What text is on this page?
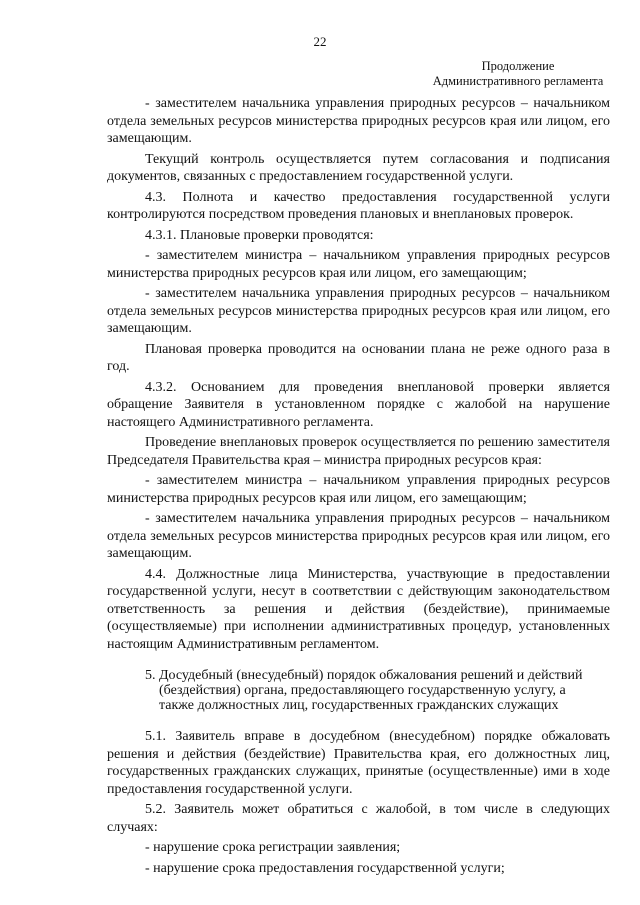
22
Продолжение
Административного регламента

- заместителем начальника управления природных ресурсов – начальником отдела земельных ресурсов министерства природных ресурсов края или лицом, его замещающим.

Текущий контроль осуществляется путем согласования и подписания документов, связанных с предоставлением государственной услуги.

4.3. Полнота и качество предоставления государственной услуги контролируются посредством проведения плановых и внеплановых проверок.

4.3.1. Плановые проверки проводятся:

- заместителем министра – начальником управления природных ресурсов министерства природных ресурсов края или лицом, его замещающим;

- заместителем начальника управления природных ресурсов – начальником отдела земельных ресурсов министерства природных ресурсов края или лицом, его замещающим.

Плановая проверка проводится на основании плана не реже одного раза в год.

4.3.2. Основанием для проведения внеплановой проверки является обращение Заявителя в установленном порядке с жалобой на нарушение настоящего Административного регламента.

Проведение внеплановых проверок осуществляется по решению заместителя Председателя Правительства края – министра природных ресурсов края:

- заместителем министра – начальником управления природных ресурсов министерства природных ресурсов края или лицом, его замещающим;

- заместителем начальника управления природных ресурсов – начальником отдела земельных ресурсов министерства природных ресурсов края или лицом, его замещающим.

4.4. Должностные лица Министерства, участвующие в предоставлении государственной услуги, несут в соответствии с действующим законодательством ответственность за решения и действия (бездействие), принимаемые (осуществляемые) при исполнении административных процедур, установленных настоящим Административным регламентом.

5. Досудебный (внесудебный) порядок обжалования решений и действий
(бездействия) органа, предоставляющего государственную услугу, а
также должностных лиц, государственных гражданских служащих

5.1. Заявитель вправе в досудебном (внесудебном) порядке обжаловать решения и действия (бездействие) Правительства края, его должностных лиц, государственных гражданских служащих, принятые (осуществленные) ими в ходе предоставления государственной услуги.

5.2. Заявитель может обратиться с жалобой, в том числе в следующих случаях:

- нарушение срока регистрации заявления;

- нарушение срока предоставления государственной услуги;
